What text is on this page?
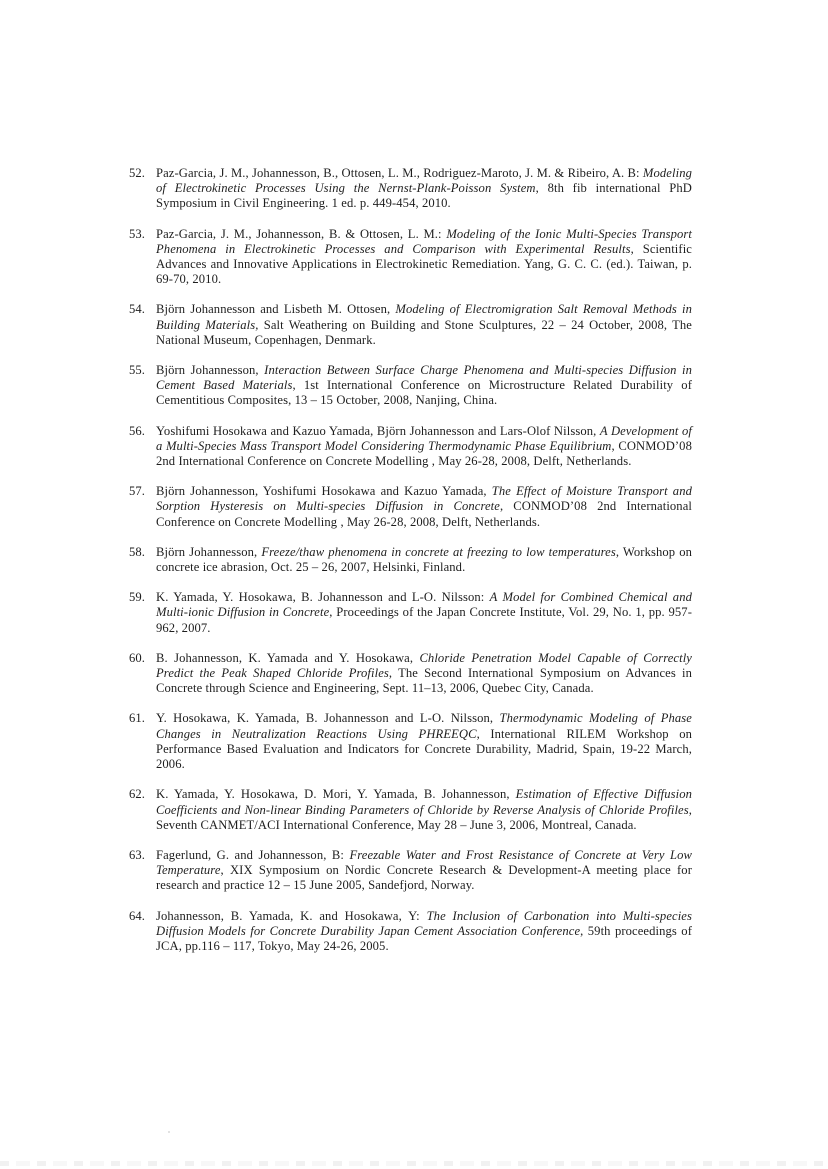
52. Paz-Garcia, J. M., Johannesson, B., Ottosen, L. M., Rodriguez-Maroto, J. M. & Ribeiro, A. B: Modeling of Electrokinetic Processes Using the Nernst-Plank-Poisson System, 8th fib international PhD Symposium in Civil Engineering. 1 ed. p. 449-454, 2010.
53. Paz-Garcia, J. M., Johannesson, B. & Ottosen, L. M.: Modeling of the Ionic Multi-Species Transport Phenomena in Electrokinetic Processes and Comparison with Experimental Results, Scientific Advances and Innovative Applications in Electrokinetic Remediation. Yang, G. C. C. (ed.). Taiwan, p. 69-70, 2010.
54. Björn Johannesson and Lisbeth M. Ottosen, Modeling of Electromigration Salt Removal Methods in Building Materials, Salt Weathering on Building and Stone Sculptures, 22 – 24 October, 2008, The National Museum, Copenhagen, Denmark.
55. Björn Johannesson, Interaction Between Surface Charge Phenomena and Multi-species Diffusion in Cement Based Materials, 1st International Conference on Microstructure Related Durability of Cementitious Composites, 13 – 15 October, 2008, Nanjing, China.
56. Yoshifumi Hosokawa and Kazuo Yamada, Björn Johannesson and Lars-Olof Nilsson, A Development of a Multi-Species Mass Transport Model Considering Thermodynamic Phase Equilibrium, CONMOD’08 2nd International Conference on Concrete Modelling , May 26-28, 2008, Delft, Netherlands.
57. Björn Johannesson, Yoshifumi Hosokawa and Kazuo Yamada, The Effect of Moisture Transport and Sorption Hysteresis on Multi-species Diffusion in Concrete, CONMOD’08 2nd International Conference on Concrete Modelling , May 26-28, 2008, Delft, Netherlands.
58. Björn Johannesson, Freeze/thaw phenomena in concrete at freezing to low temperatures, Workshop on concrete ice abrasion, Oct. 25 – 26, 2007, Helsinki, Finland.
59. K. Yamada, Y. Hosokawa, B. Johannesson and L-O. Nilsson: A Model for Combined Chemical and Multi-ionic Diffusion in Concrete, Proceedings of the Japan Concrete Institute, Vol. 29, No. 1, pp. 957-962, 2007.
60. B. Johannesson, K. Yamada and Y. Hosokawa, Chloride Penetration Model Capable of Correctly Predict the Peak Shaped Chloride Profiles, The Second International Symposium on Advances in Concrete through Science and Engineering, Sept. 11–13, 2006, Quebec City, Canada.
61. Y. Hosokawa, K. Yamada, B. Johannesson and L-O. Nilsson, Thermodynamic Modeling of Phase Changes in Neutralization Reactions Using PHREEQC, International RILEM Workshop on Performance Based Evaluation and Indicators for Concrete Durability, Madrid, Spain, 19-22 March, 2006.
62. K. Yamada, Y. Hosokawa, D. Mori, Y. Yamada, B. Johannesson, Estimation of Effective Diffusion Coefficients and Non-linear Binding Parameters of Chloride by Reverse Analysis of Chloride Profiles, Seventh CANMET/ACI International Conference, May 28 – June 3, 2006, Montreal, Canada.
63. Fagerlund, G. and Johannesson, B: Freezable Water and Frost Resistance of Concrete at Very Low Temperature, XIX Symposium on Nordic Concrete Research & Development-A meeting place for research and practice 12 – 15 June 2005, Sandefjord, Norway.
64. Johannesson, B. Yamada, K. and Hosokawa, Y: The Inclusion of Carbonation into Multi-species Diffusion Models for Concrete Durability Japan Cement Association Conference, 59th proceedings of JCA, pp.116 – 117, Tokyo, May 24-26, 2005.
